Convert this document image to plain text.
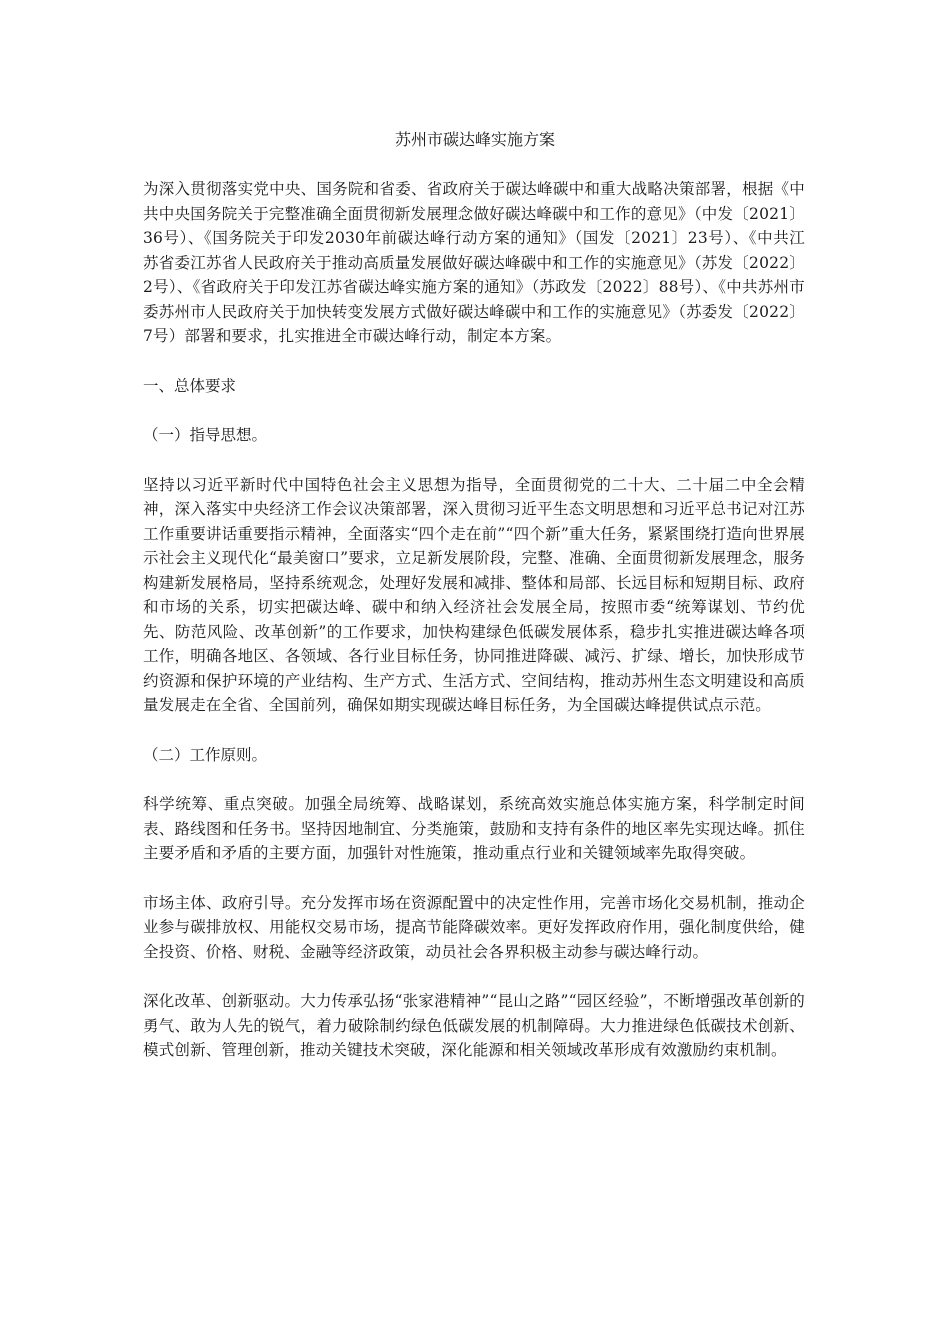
苏州市碳达峰实施方案

为深入贯彻落实党中央、国务院和省委、省政府关于碳达峰碳中和重大战略决策部署，根据《中共中央国务院关于完整准确全面贯彻新发展理念做好碳达峰碳中和工作的意见》（中发〔2021〕36号）、《国务院关于印发2030年前碳达峰行动方案的通知》（国发〔2021〕23号）、《中共江苏省委江苏省人民政府关于推动高质量发展做好碳达峰碳中和工作的实施意见》（苏发〔2022〕2号）、《省政府关于印发江苏省碳达峰实施方案的通知》（苏政发〔2022〕88号）、《中共苏州市委苏州市人民政府关于加快转变发展方式做好碳达峰碳中和工作的实施意见》（苏委发〔2022〕7号）部署和要求，扎实推进全市碳达峰行动，制定本方案。

一、总体要求

（一）指导思想。

坚持以习近平新时代中国特色社会主义思想为指导，全面贯彻党的二十大、二十届二中全会精神，深入落实中央经济工作会议决策部署，深入贯彻习近平生态文明思想和习近平总书记对江苏工作重要讲话重要指示精神，全面落实“四个走在前”“四个新”重大任务，紧紧围绕打造向世界展示社会主义现代化“最美窗口”要求，立足新发展阶段，完整、准确、全面贯彻新发展理念，服务构建新发展格局，坚持系统观念，处理好发展和减排、整体和局部、长远目标和短期目标、政府和市场的关系，切实把碳达峰、碳中和纳入经济社会发展全局，按照市委“统筹谋划、节约优先、防范风险、改革创新”的工作要求，加快构建绿色低碳发展体系，稳步扎实推进碳达峰各项工作，明确各地区、各领域、各行业目标任务，协同推进降碳、减污、扩绿、增长，加快形成节约资源和保护环境的产业结构、生产方式、生活方式、空间结构，推动苏州生态文明建设和高质量发展走在全省、全国前列，确保如期实现碳达峰目标任务，为全国碳达峰提供试点示范。

（二）工作原则。

科学统筹、重点突破。加强全局统筹、战略谋划，系统高效实施总体实施方案，科学制定时间表、路线图和任务书。坚持因地制宜、分类施策，鼓励和支持有条件的地区率先实现达峰。抓住主要矛盾和矛盾的主要方面，加强针对性施策，推动重点行业和关键领域率先取得突破。

市场主体、政府引导。充分发挥市场在资源配置中的决定性作用，完善市场化交易机制，推动企业参与碳排放权、用能权交易市场，提高节能降碳效率。更好发挥政府作用，强化制度供给，健全投资、价格、财税、金融等经济政策，动员社会各界积极主动参与碳达峰行动。

深化改革、创新驱动。大力传承弘扬“张家港精神”“昆山之路”“园区经验”，不断增强改革创新的勇气、敢为人先的锐气，着力破除制约绿色低碳发展的机制障碍。大力推进绿色低碳技术创新、模式创新、管理创新，推动关键技术突破，深化能源和相关领域改革形成有效激励约束机制。
